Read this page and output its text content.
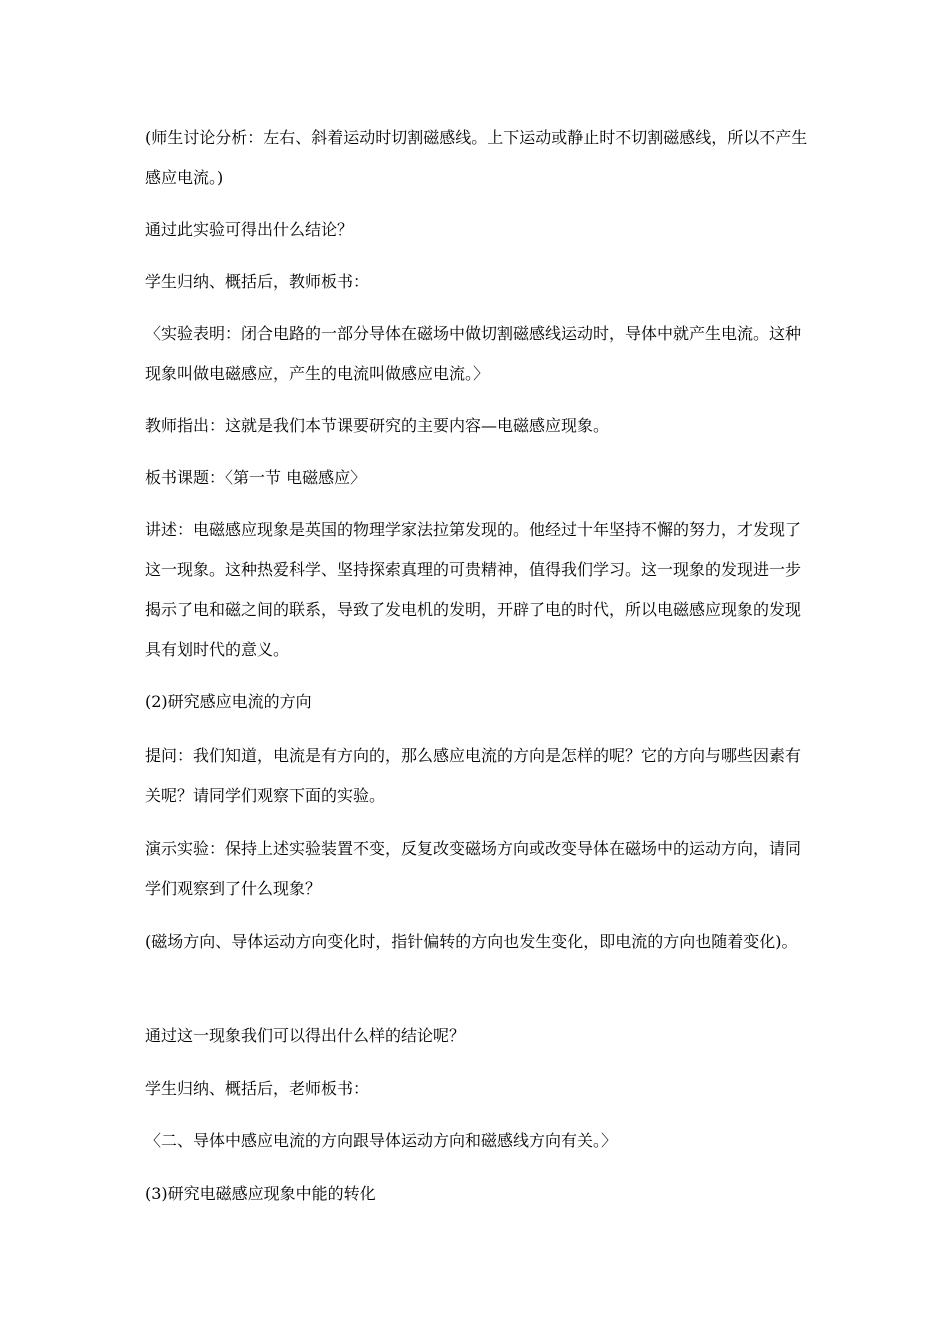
(师生讨论分析：左右、斜着运动时切割磁感线。上下运动或静止时不切割磁感线，所以不产生感应电流。)

通过此实验可得出什么结论？

学生归纳、概括后，教师板书：

〈实验表明：闭合电路的一部分导体在磁场中做切割磁感线运动时，导体中就产生电流。这种现象叫做电磁感应，产生的电流叫做感应电流。〉

教师指出：这就是我们本节课要研究的主要内容—电磁感应现象。

板书课题：〈第一节 电磁感应〉

讲述：电磁感应现象是英国的物理学家法拉第发现的。他经过十年坚持不懈的努力，才发现了这一现象。这种热爱科学、坚持探索真理的可贵精神，值得我们学习。这一现象的发现进一步揭示了电和磁之间的联系，导致了发电机的发明，开辟了电的时代，所以电磁感应现象的发现具有划时代的意义。

(2)研究感应电流的方向

提问：我们知道，电流是有方向的，那么感应电流的方向是怎样的呢？它的方向与哪些因素有关呢？请同学们观察下面的实验。

演示实验：保持上述实验装置不变，反复改变磁场方向或改变导体在磁场中的运动方向，请同学们观察到了什么现象？

(磁场方向、导体运动方向变化时，指针偏转的方向也发生变化，即电流的方向也随着变化)。

通过这一现象我们可以得出什么样的结论呢？

学生归纳、概括后，老师板书：

〈二、导体中感应电流的方向跟导体运动方向和磁感线方向有关。〉

(3)研究电磁感应现象中能的转化
